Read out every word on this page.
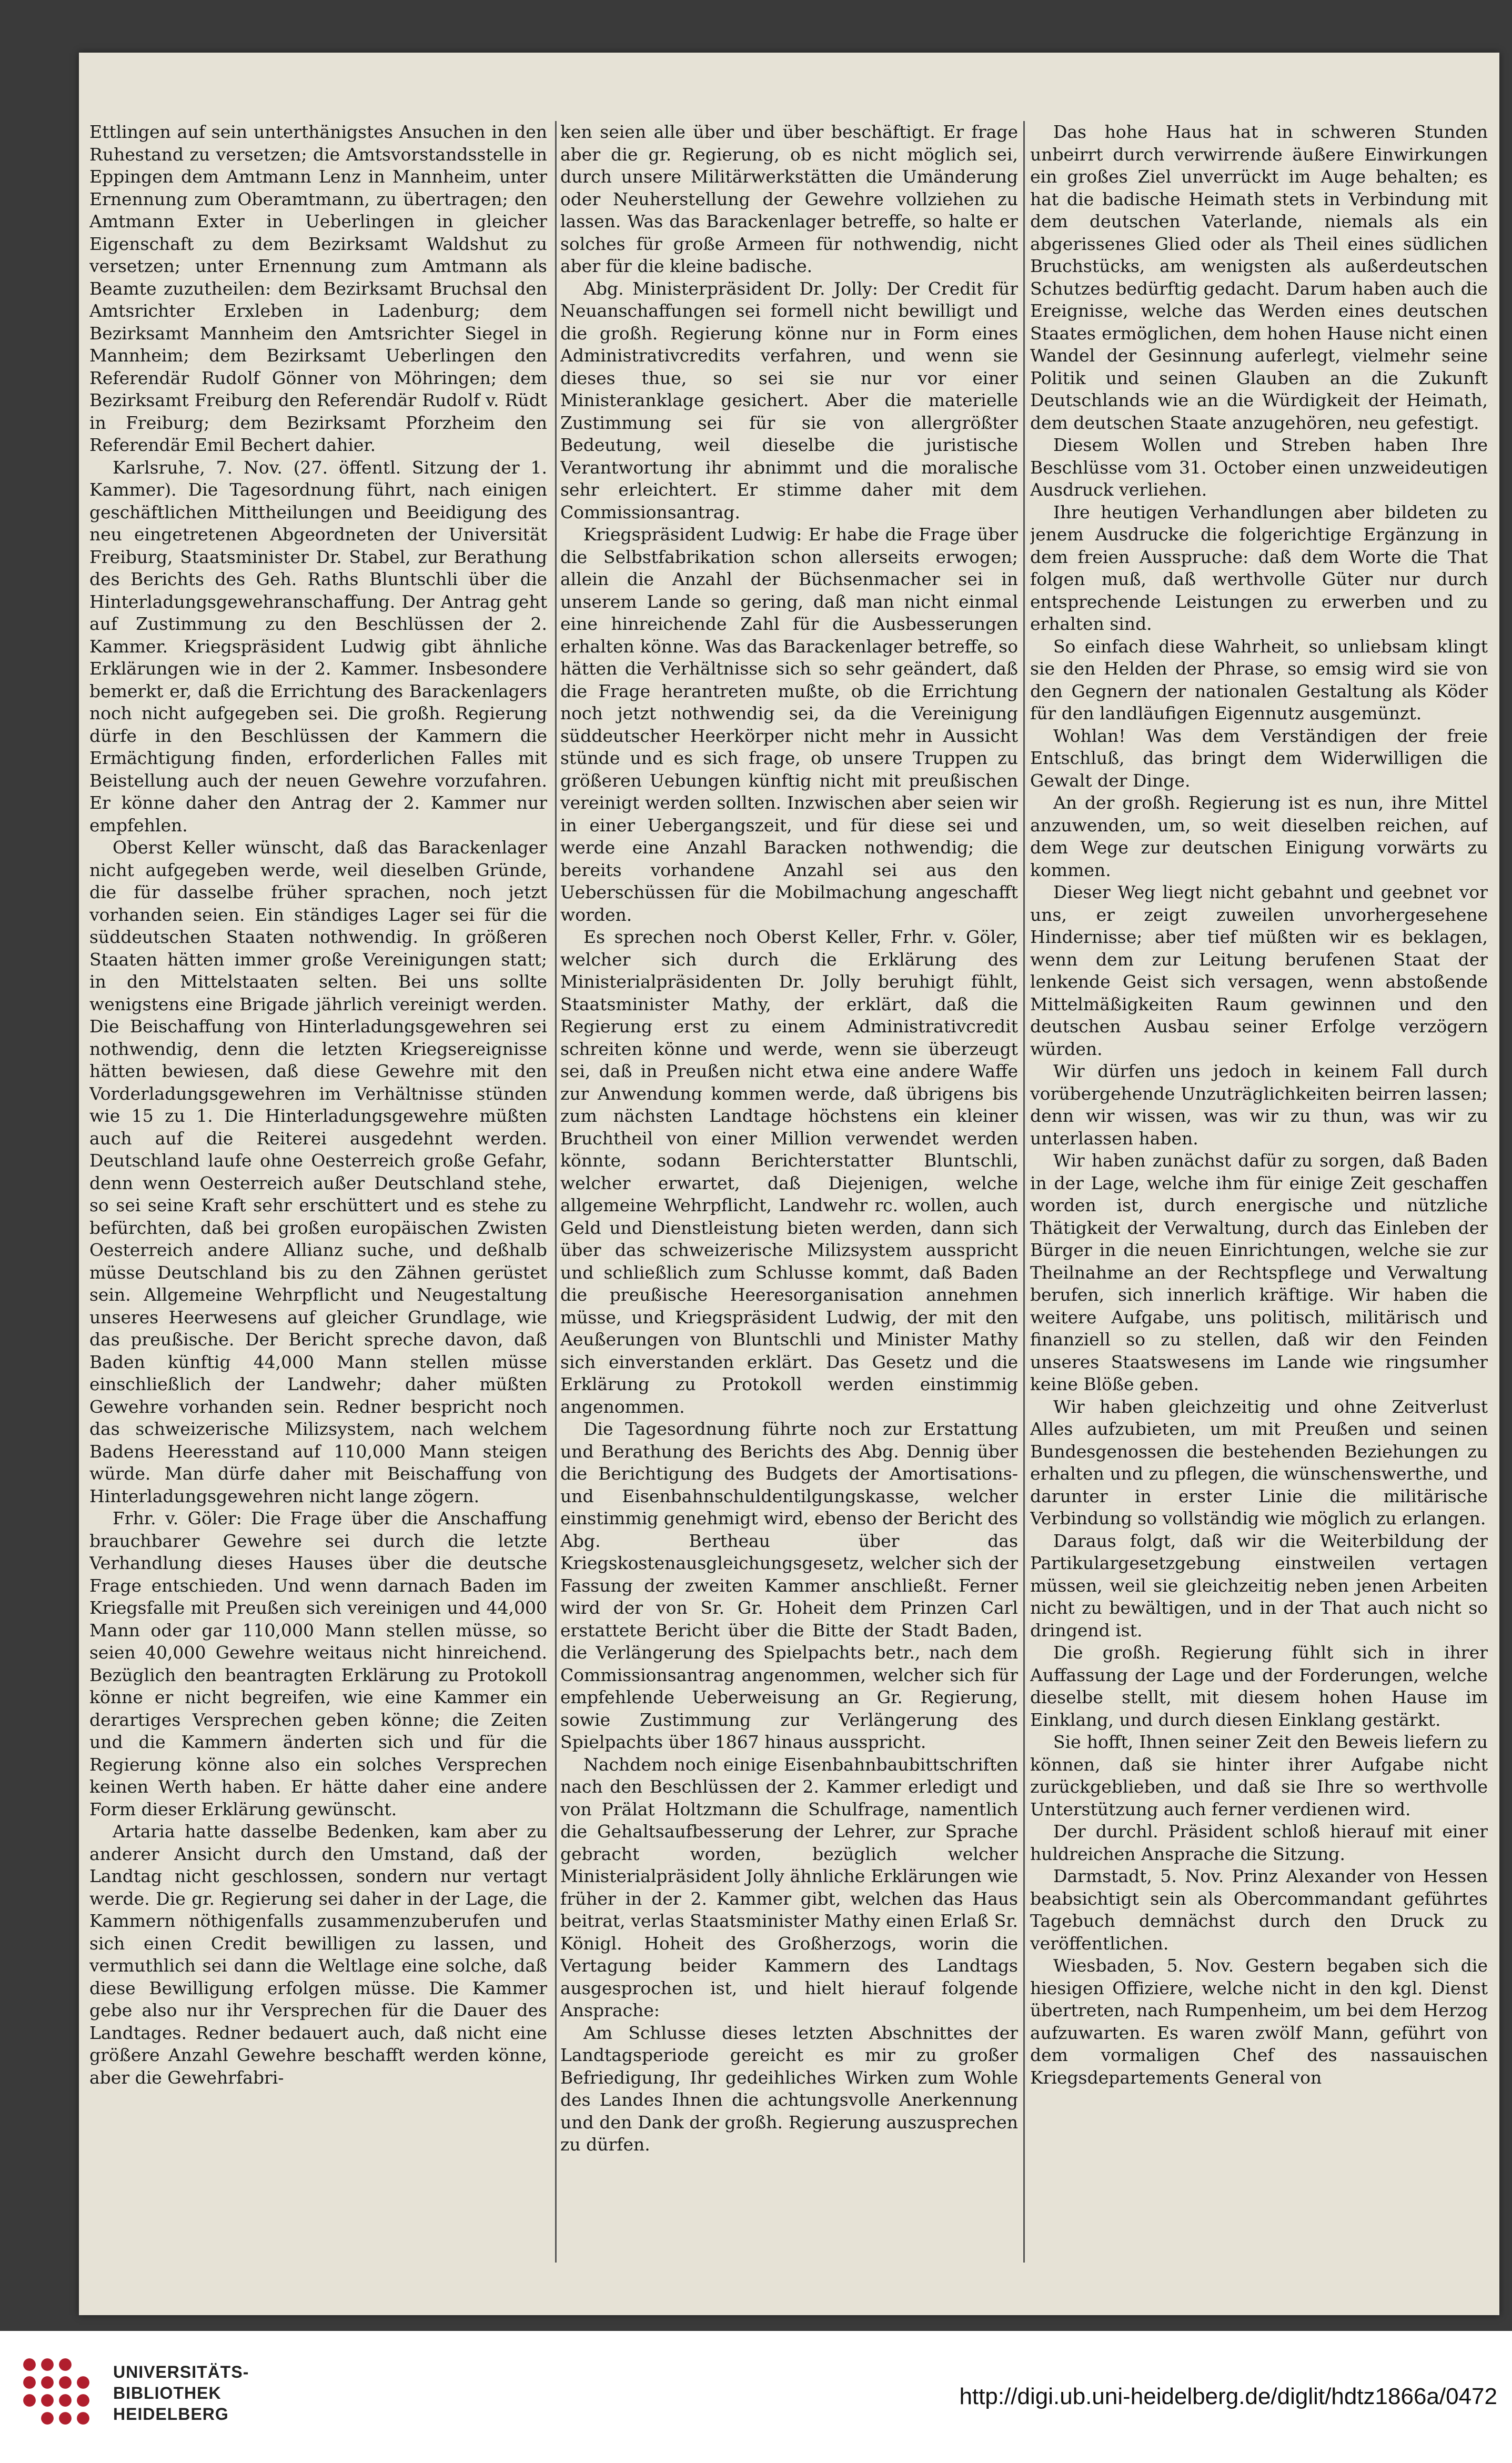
Ettlingen auf sein unterthänigstes Ansuchen in den Ruhestand zu versetzen; die Amtsvorstandsstelle in Eppingen dem Amtmann Lenz in Mannheim, unter Ernennung zum Oberamtmann, zu übertragen; den Amtmann Exter in Ueberlingen in gleicher Eigenschaft zu dem Bezirksamt Waldshut zu versetzen; unter Ernennung zum Amtmann als Beamte zuzutheilen: dem Bezirksamt Bruchsal den Amtsrichter Erxleben in Ladenburg; dem Bezirksamt Mannheim den Amtsrichter Siegel in Mannheim; dem Bezirksamt Ueberlingen den Referendär Rudolf Gönner von Möhringen; dem Bezirksamt Freiburg den Referendär Rudolf v. Rüdt in Freiburg; dem Bezirksamt Pforzheim den Referendär Emil Bechert dahier.

Karlsruhe, 7. Nov. (27. öffentl. Sitzung der 1. Kammer). Die Tagesordnung führt, nach einigen geschäftlichen Mittheilungen und Beeidigung des neu eingetretenen Abgeordneten der Universität Freiburg, Staatsminister Dr. Stabel, zur Berathung des Berichts des Geh. Raths Bluntschli über die Hinterladungsgewehranschaffung. Der Antrag geht auf Zustimmung zu den Beschlüssen der 2. Kammer. Kriegspräsident Ludwig gibt ähnliche Erklärungen wie in der 2. Kammer. Insbesondere bemerkt er, daß die Errichtung des Barackenlagers noch nicht aufgegeben sei. Die großh. Regierung dürfe in den Beschlüssen der Kammern die Ermächtigung finden, erforderlichen Falles mit Beistellung auch der neuen Gewehre vorzufahren. Er könne daher den Antrag der 2. Kammer nur empfehlen.

Oberst Keller wünscht, daß das Barackenlager nicht aufgegeben werde, weil dieselben Gründe, die für dasselbe früher sprachen, noch jetzt vorhanden seien. Ein ständiges Lager sei für die süddeutschen Staaten nothwendig. In größeren Staaten hätten immer große Vereinigungen statt; in den Mittelstaaten selten. Bei uns sollte wenigstens eine Brigade jährlich vereinigt werden. Die Beischaffung von Hinterladungsgewehren sei nothwendig, denn die letzten Kriegsereignisse hätten bewiesen, daß diese Gewehre mit den Vorderladungsgewehren im Verhältnisse stünden wie 15 zu 1. Die Hinterladungsgewehre müßten auch auf die Reiterei ausgedehnt werden. Deutschland laufe ohne Oesterreich große Gefahr, denn wenn Oesterreich außer Deutschland stehe, so sei seine Kraft sehr erschüttert und es stehe zu befürchten, daß bei großen europäischen Zwisten Oesterreich andere Allianz suche, und deßhalb müsse Deutschland bis zu den Zähnen gerüstet sein. Allgemeine Wehrpflicht und Neugestaltung unseres Heerwesens auf gleicher Grundlage, wie das preußische. Der Bericht spreche davon, daß Baden künftig 44,000 Mann stellen müsse einschließlich der Landwehr; daher müßten Gewehre vorhanden sein. Redner bespricht noch das schweizerische Milizsystem, nach welchem Badens Heeresstand auf 110,000 Mann steigen würde. Man dürfe daher mit Beischaffung von Hinterladungsgewehren nicht lange zögern.

Frhr. v. Göler: Die Frage über die Anschaffung brauchbarer Gewehre sei durch die letzte Verhandlung dieses Hauses über die deutsche Frage entschieden. Und wenn darnach Baden im Kriegsfalle mit Preußen sich vereinigen und 44,000 Mann oder gar 110,000 Mann stellen müsse, so seien 40,000 Gewehre weitaus nicht hinreichend. Bezüglich den beantragten Erklärung zu Protokoll könne er nicht begreifen, wie eine Kammer ein derartiges Versprechen geben könne; die Zeiten und die Kammern änderten sich und für die Regierung könne also ein solches Versprechen keinen Werth haben. Er hätte daher eine andere Form dieser Erklärung gewünscht.

Artaria hatte dasselbe Bedenken, kam aber zu anderer Ansicht durch den Umstand, daß der Landtag nicht geschlossen, sondern nur vertagt werde. Die gr. Regierung sei daher in der Lage, die Kammern nöthigenfalls zusammenzuberufen und sich einen Credit bewilligen zu lassen, und vermuthlich sei dann die Weltlage eine solche, daß diese Bewilligung erfolgen müsse. Die Kammer gebe also nur ihr Versprechen für die Dauer des Landtages. Redner bedauert auch, daß nicht eine größere Anzahl Gewehre beschafft werden könne, aber die Gewehrfabri-

ken seien alle über und über beschäftigt. Er frage aber die gr. Regierung, ob es nicht möglich sei, durch unsere Militärwerkstätten die Umänderung oder Neuherstellung der Gewehre vollziehen zu lassen. Was das Barackenlager betreffe, so halte er solches für große Armeen für nothwendig, nicht aber für die kleine badische.

Abg. Ministerpräsident Dr. Jolly: Der Credit für Neuanschaffungen sei formell nicht bewilligt und die großh. Regierung könne nur in Form eines Administrativcredits verfahren, und wenn sie dieses thue, so sei sie nur vor einer Ministeranklage gesichert. Aber die materielle Zustimmung sei für sie von allergrößter Bedeutung, weil dieselbe die juristische Verantwortung ihr abnimmt und die moralische sehr erleichtert. Er stimme daher mit dem Commissionsantrag.

Kriegspräsident Ludwig: Er habe die Frage über die Selbstfabrikation schon allerseits erwogen; allein die Anzahl der Büchsenmacher sei in unserem Lande so gering, daß man nicht einmal eine hinreichende Zahl für die Ausbesserungen erhalten könne. Was das Barackenlager betreffe, so hätten die Verhältnisse sich so sehr geändert, daß die Frage herantreten mußte, ob die Errichtung noch jetzt nothwendig sei, da die Vereinigung süddeutscher Heerkörper nicht mehr in Aussicht stünde und es sich frage, ob unsere Truppen zu größeren Uebungen künftig nicht mit preußischen vereinigt werden sollten. Inzwischen aber seien wir in einer Uebergangszeit, und für diese sei und werde eine Anzahl Baracken nothwendig; die bereits vorhandene Anzahl sei aus den Ueberschüssen für die Mobilmachung angeschafft worden.

Es sprechen noch Oberst Keller, Frhr. v. Göler, welcher sich durch die Erklärung des Ministerialpräsidenten Dr. Jolly beruhigt fühlt, Staatsminister Mathy, der erklärt, daß die Regierung erst zu einem Administrativcredit schreiten könne und werde, wenn sie überzeugt sei, daß in Preußen nicht etwa eine andere Waffe zur Anwendung kommen werde, daß übrigens bis zum nächsten Landtage höchstens ein kleiner Bruchtheil von einer Million verwendet werden könnte, sodann Berichterstatter Bluntschli, welcher erwartet, daß Diejenigen, welche allgemeine Wehrpflicht, Landwehr rc. wollen, auch Geld und Dienstleistung bieten werden, dann sich über das schweizerische Milizsystem ausspricht und schließlich zum Schlusse kommt, daß Baden die preußische Heeresorganisation annehmen müsse, und Kriegspräsident Ludwig, der mit den Aeußerungen von Bluntschli und Minister Mathy sich einverstanden erklärt. Das Gesetz und die Erklärung zu Protokoll werden einstimmig angenommen.

Die Tagesordnung führte noch zur Erstattung und Berathung des Berichts des Abg. Dennig über die Berichtigung des Budgets der Amortisations- und Eisenbahnschuldentilgungskasse, welcher einstimmig genehmigt wird, ebenso der Bericht des Abg. Bertheau über das Kriegskostenausgleichungsgesetz, welcher sich der Fassung der zweiten Kammer anschließt. Ferner wird der von Sr. Gr. Hoheit dem Prinzen Carl erstattete Bericht über die Bitte der Stadt Baden, die Verlängerung des Spielpachts betr., nach dem Commissionsantrag angenommen, welcher sich für empfehlende Ueberweisung an Gr. Regierung, sowie Zustimmung zur Verlängerung des Spielpachts über 1867 hinaus ausspricht.

Nachdem noch einige Eisenbahnbaubittschriften nach den Beschlüssen der 2. Kammer erledigt und von Prälat Holtzmann die Schulfrage, namentlich die Gehaltsaufbesserung der Lehrer, zur Sprache gebracht worden, bezüglich welcher Ministerialpräsident Jolly ähnliche Erklärungen wie früher in der 2. Kammer gibt, welchen das Haus beitrat, verlas Staatsminister Mathy einen Erlaß Sr. Königl. Hoheit des Großherzogs, worin die Vertagung beider Kammern des Landtags ausgesprochen ist, und hielt hierauf folgende Ansprache:

Am Schlusse dieses letzten Abschnittes der Landtagsperiode gereicht es mir zu großer Befriedigung, Ihr gedeihliches Wirken zum Wohle des Landes Ihnen die achtungsvolle Anerkennung und den Dank der großh. Regierung auszusprechen zu dürfen.

Das hohe Haus hat in schweren Stunden unbeirrt durch verwirrende äußere Einwirkungen ein großes Ziel unverrückt im Auge behalten; es hat die badische Heimath stets in Verbindung mit dem deutschen Vaterlande, niemals als ein abgerissenes Glied oder als Theil eines südlichen Bruchstücks, am wenigsten als außerdeutschen Schutzes bedürftig gedacht. Darum haben auch die Ereignisse, welche das Werden eines deutschen Staates ermöglichen, dem hohen Hause nicht einen Wandel der Gesinnung auferlegt, vielmehr seine Politik und seinen Glauben an die Zukunft Deutschlands wie an die Würdigkeit der Heimath, dem deutschen Staate anzugehören, neu gefestigt.

Diesem Wollen und Streben haben Ihre Beschlüsse vom 31. October einen unzweideutigen Ausdruck verliehen.

Ihre heutigen Verhandlungen aber bildeten zu jenem Ausdrucke die folgerichtige Ergänzung in dem freien Ausspruche: daß dem Worte die That folgen muß, daß werthvolle Güter nur durch entsprechende Leistungen zu erwerben und zu erhalten sind.

So einfach diese Wahrheit, so unliebsam klingt sie den Helden der Phrase, so emsig wird sie von den Gegnern der nationalen Gestaltung als Köder für den landläufigen Eigennutz ausgemünzt.

Wohlan! Was dem Verständigen der freie Entschluß, das bringt dem Widerwilligen die Gewalt der Dinge.

An der großh. Regierung ist es nun, ihre Mittel anzuwenden, um, so weit dieselben reichen, auf dem Wege zur deutschen Einigung vorwärts zu kommen.

Dieser Weg liegt nicht gebahnt und geebnet vor uns, er zeigt zuweilen unvorhergesehene Hindernisse; aber tief müßten wir es beklagen, wenn dem zur Leitung berufenen Staat der lenkende Geist sich versagen, wenn abstoßende Mittelmäßigkeiten Raum gewinnen und den deutschen Ausbau seiner Erfolge verzögern würden.

Wir dürfen uns jedoch in keinem Fall durch vorübergehende Unzuträglichkeiten beirren lassen; denn wir wissen, was wir zu thun, was wir zu unterlassen haben.

Wir haben zunächst dafür zu sorgen, daß Baden in der Lage, welche ihm für einige Zeit geschaffen worden ist, durch energische und nützliche Thätigkeit der Verwaltung, durch das Einleben der Bürger in die neuen Einrichtungen, welche sie zur Theilnahme an der Rechtspflege und Verwaltung berufen, sich innerlich kräftige. Wir haben die weitere Aufgabe, uns politisch, militärisch und finanziell so zu stellen, daß wir den Feinden unseres Staatswesens im Lande wie ringsumher keine Blöße geben.

Wir haben gleichzeitig und ohne Zeitverlust Alles aufzubieten, um mit Preußen und seinen Bundesgenossen die bestehenden Beziehungen zu erhalten und zu pflegen, die wünschenswerthe, und darunter in erster Linie die militärische Verbindung so vollständig wie möglich zu erlangen.

Daraus folgt, daß wir die Weiterbildung der Partikulargesetzgebung einstweilen vertagen müssen, weil sie gleichzeitig neben jenen Arbeiten nicht zu bewältigen, und in der That auch nicht so dringend ist.

Die großh. Regierung fühlt sich in ihrer Auffassung der Lage und der Forderungen, welche dieselbe stellt, mit diesem hohen Hause im Einklang, und durch diesen Einklang gestärkt.

Sie hofft, Ihnen seiner Zeit den Beweis liefern zu können, daß sie hinter ihrer Aufgabe nicht zurückgeblieben, und daß sie Ihre so werthvolle Unterstützung auch ferner verdienen wird.

Der durchl. Präsident schloß hierauf mit einer huldreichen Ansprache die Sitzung.

Darmstadt, 5. Nov. Prinz Alexander von Hessen beabsichtigt sein als Obercommandant geführtes Tagebuch demnächst durch den Druck zu veröffentlichen.

Wiesbaden, 5. Nov. Gestern begaben sich die hiesigen Offiziere, welche nicht in den kgl. Dienst übertreten, nach Rumpenheim, um bei dem Herzog aufzuwarten. Es waren zwölf Mann, geführt von dem vormaligen Chef des nassauischen Kriegsdepartements General von

UNIVERSITÄTS-
BIBLIOTHEK
HEIDELBERG
http://digi.ub.uni-heidelberg.de/diglit/hdtz1866a/0472
